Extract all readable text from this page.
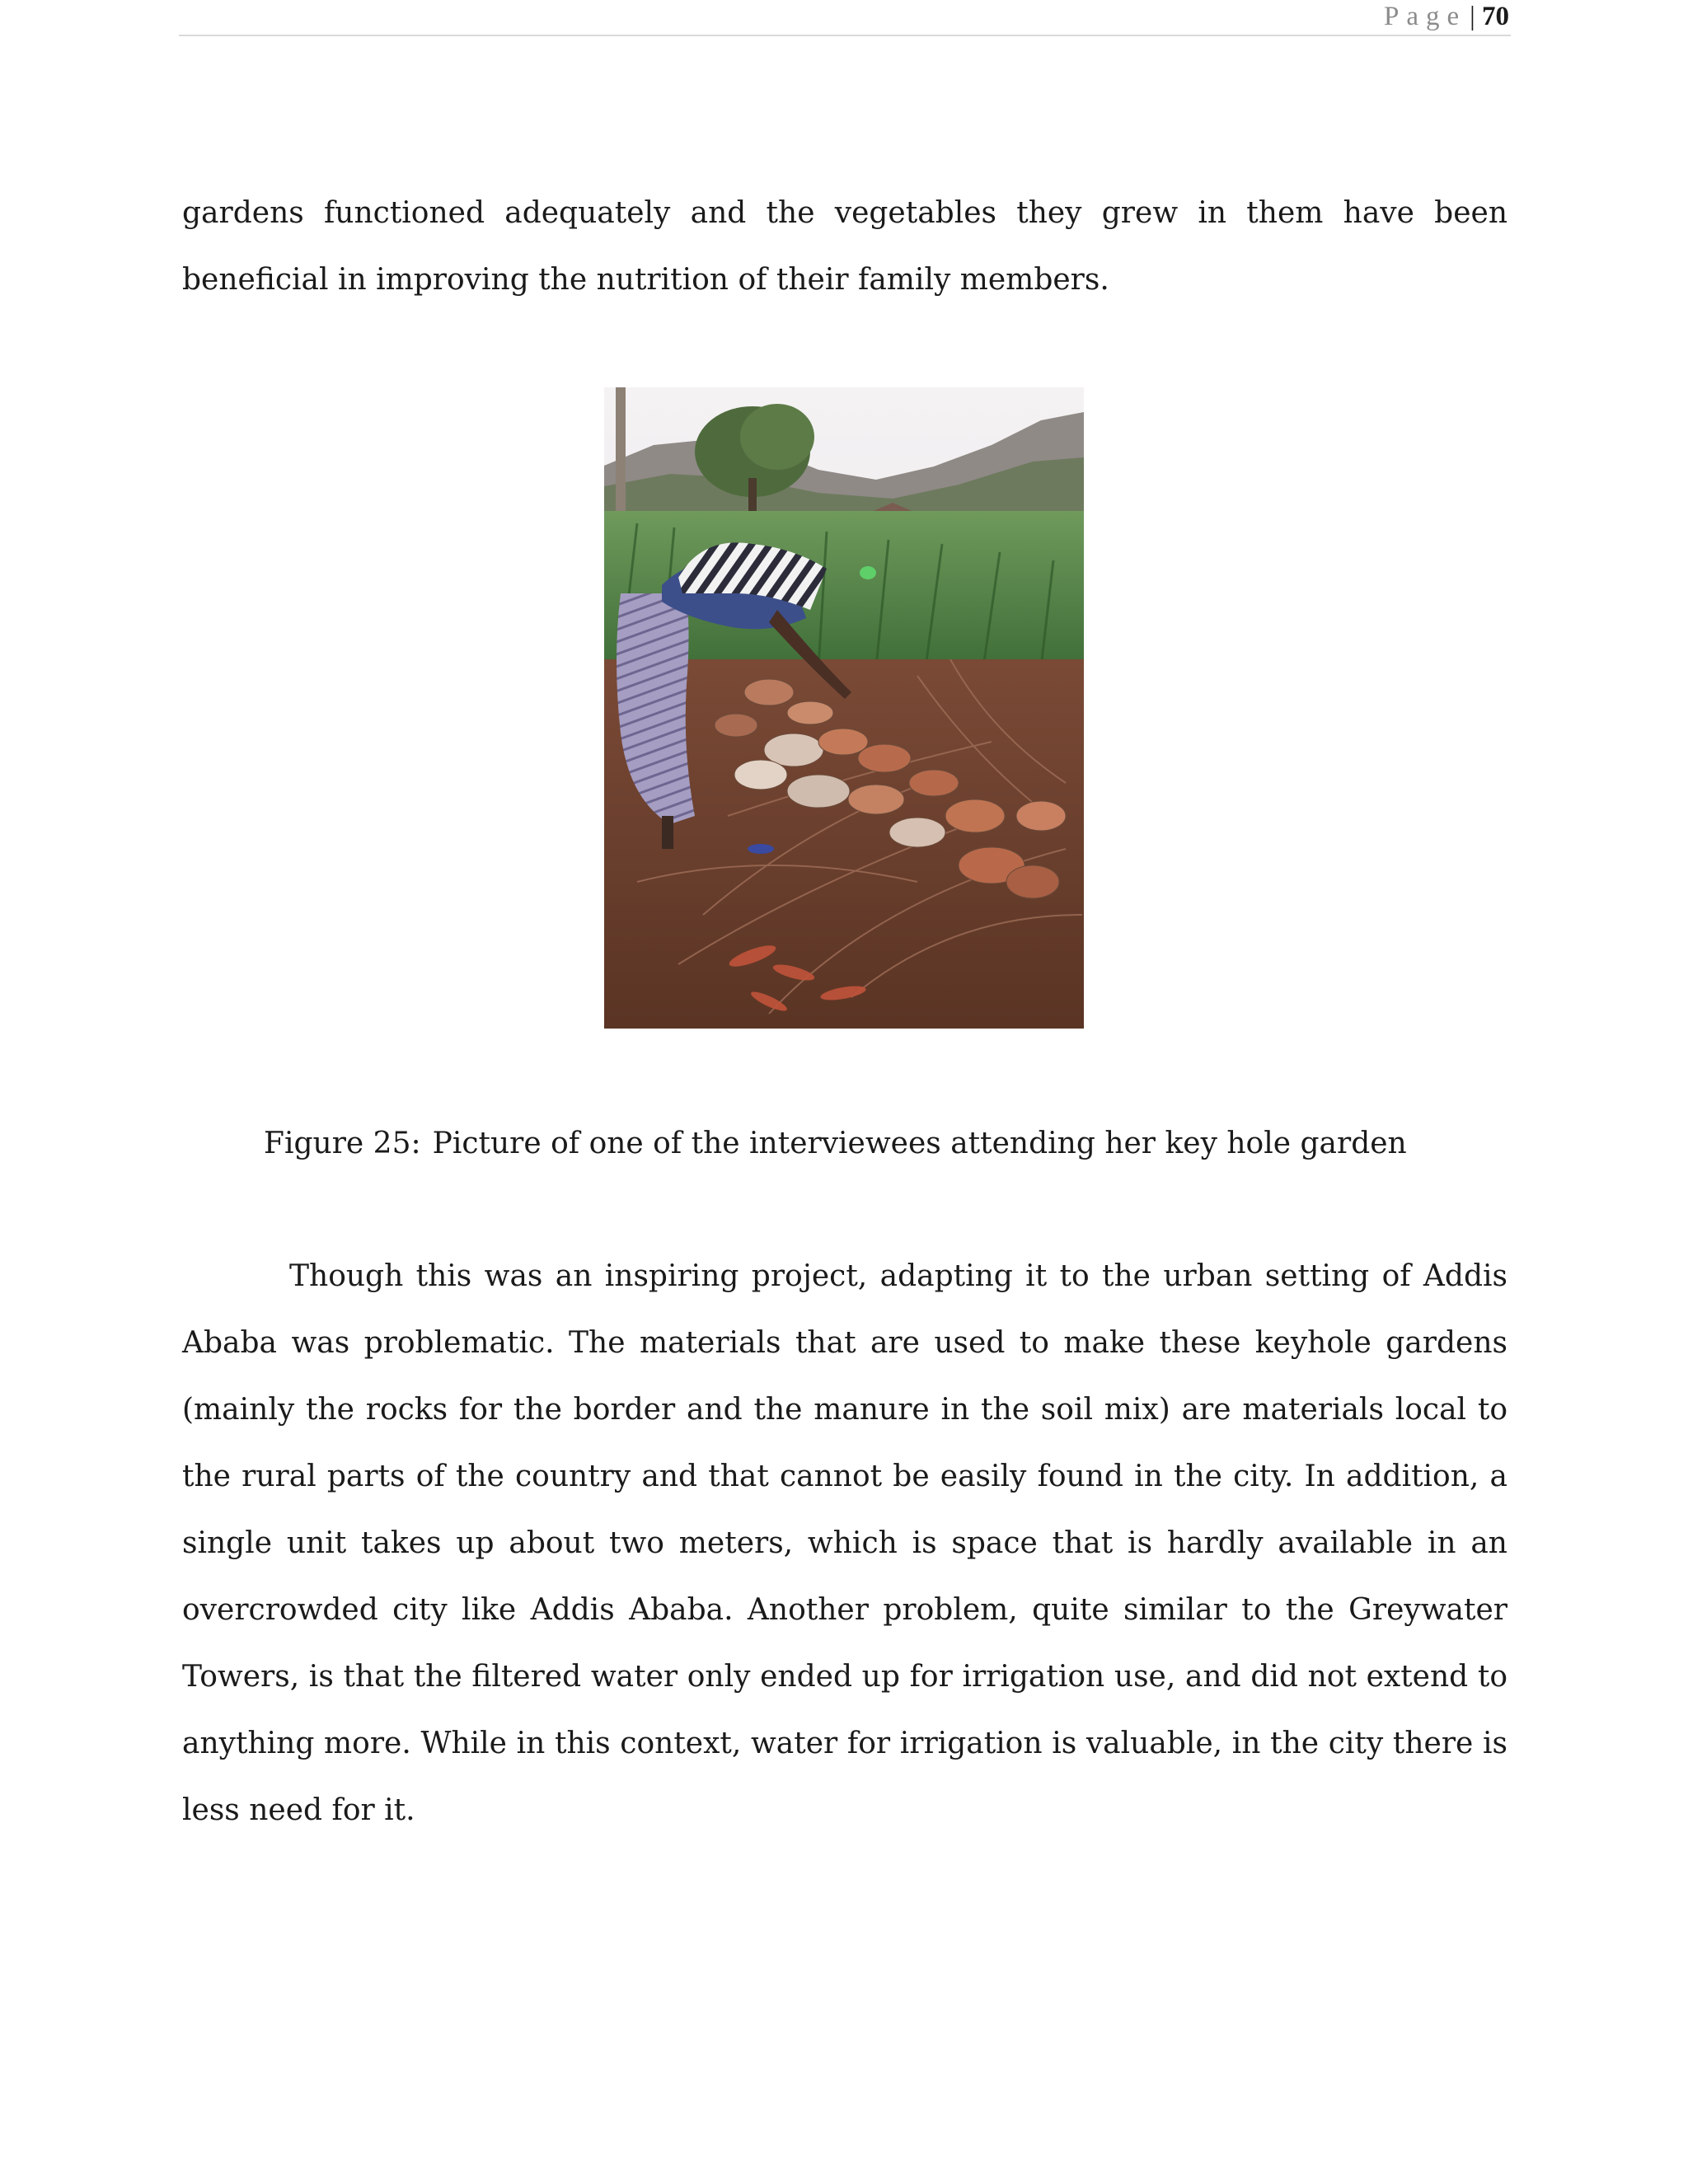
Page | 70

gardens functioned adequately and the vegetables they grew in them have been beneficial in improving the nutrition of their family members.

Figure 25: Picture of one of the interviewees attending her key hole garden

Though this was an inspiring project, adapting it to the urban setting of Addis Ababa was problematic. The materials that are used to make these keyhole gardens (mainly the rocks for the border and the manure in the soil mix) are materials local to the rural parts of the country and that cannot be easily found in the city. In addition, a single unit takes up about two meters, which is space that is hardly available in an overcrowded city like Addis Ababa. Another problem, quite similar to the Greywater Towers, is that the filtered water only ended up for irrigation use, and did not extend to anything more. While in this context, water for irrigation is valuable, in the city there is less need for it.
